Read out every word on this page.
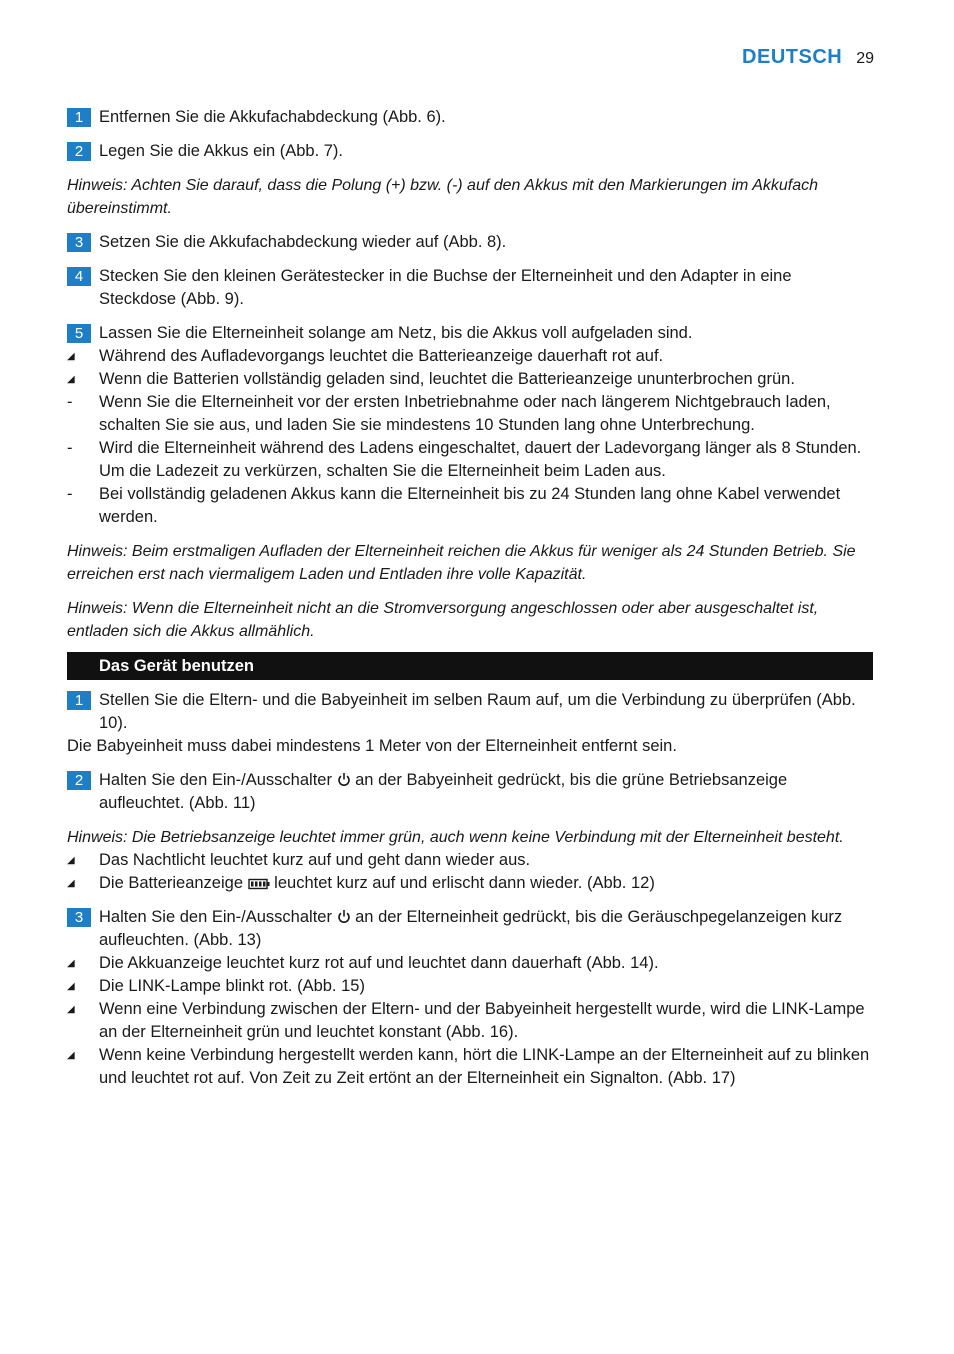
DEUTSCH 29
1 Entfernen Sie die Akkufachabdeckung (Abb. 6).
2 Legen Sie die Akkus ein (Abb. 7).
Hinweis: Achten Sie darauf, dass die Polung (+) bzw. (-) auf den Akkus mit den Markierungen im Akkufach übereinstimmt.
3 Setzen Sie die Akkufachabdeckung wieder auf (Abb. 8).
4 Stecken Sie den kleinen Gerätestecker in die Buchse der Elterneinheit und den Adapter in eine Steckdose (Abb. 9).
5 Lassen Sie die Elterneinheit solange am Netz, bis die Akkus voll aufgeladen sind.
◢	Während des Aufladevorgangs leuchtet die Batterieanzeige dauerhaft rot auf.
◢	Wenn die Batterien vollständig geladen sind, leuchtet die Batterieanzeige ununterbrochen grün.
-	Wenn Sie die Elterneinheit vor der ersten Inbetriebnahme oder nach längerem Nichtgebrauch laden, schalten Sie sie aus, und laden Sie sie mindestens 10 Stunden lang ohne Unterbrechung.
-	Wird die Elterneinheit während des Ladens eingeschaltet, dauert der Ladevorgang länger als 8 Stunden. Um die Ladezeit zu verkürzen, schalten Sie die Elterneinheit beim Laden aus.
-	Bei vollständig geladenen Akkus kann die Elterneinheit bis zu 24 Stunden lang ohne Kabel verwendet werden.
Hinweis: Beim erstmaligen Aufladen der Elterneinheit reichen die Akkus für weniger als 24 Stunden Betrieb. Sie erreichen erst nach viermaligem Laden und Entladen ihre volle Kapazität.
Hinweis: Wenn die Elterneinheit nicht an die Stromversorgung angeschlossen oder aber ausgeschaltet ist, entladen sich die Akkus allmählich.
Das Gerät benutzen
1 Stellen Sie die Eltern- und die Babyeinheit im selben Raum auf, um die Verbindung zu überprüfen (Abb. 10).
Die Babyeinheit muss dabei mindestens 1 Meter von der Elterneinheit entfernt sein.
2 Halten Sie den Ein-/Ausschalter  an der Babyeinheit gedrückt, bis die grüne Betriebsanzeige aufleuchtet. (Abb. 11)
Hinweis: Die Betriebsanzeige leuchtet immer grün, auch wenn keine Verbindung mit der Elterneinheit besteht.
◢	Das Nachtlicht leuchtet kurz auf und geht dann wieder aus.
◢	Die Batterieanzeige  leuchtet kurz auf und erlischt dann wieder. (Abb. 12)
3 Halten Sie den Ein-/Ausschalter  an der Elterneinheit gedrückt, bis die Geräuschpegelanzeigen kurz aufleuchten. (Abb. 13)
◢	Die Akkuanzeige leuchtet kurz rot auf und leuchtet dann dauerhaft (Abb. 14).
◢	Die LINK-Lampe blinkt rot. (Abb. 15)
◢	Wenn eine Verbindung zwischen der Eltern- und der Babyeinheit hergestellt wurde, wird die LINK-Lampe an der Elterneinheit grün und leuchtet konstant (Abb. 16).
◢	Wenn keine Verbindung hergestellt werden kann, hört die LINK-Lampe an der Elterneinheit auf zu blinken und leuchtet rot auf. Von Zeit zu Zeit ertönt an der Elterneinheit ein Signalton. (Abb. 17)
